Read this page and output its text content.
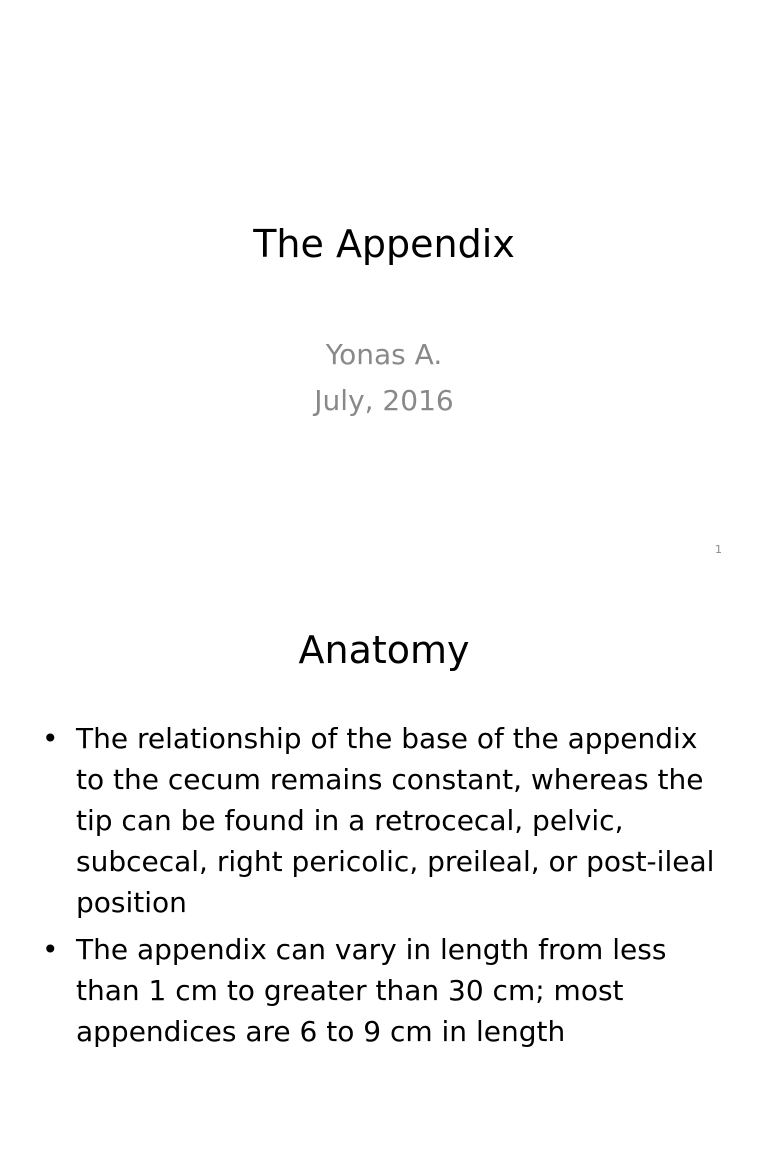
The Appendix
Yonas A.
July, 2016
1
Anatomy
• The relationship of the base of the appendix to the cecum remains constant, whereas the tip can be found in a retrocecal, pelvic, subcecal, right pericolic, preileal, or post-ileal position
• The appendix can vary in length from less than 1 cm to greater than 30 cm; most appendices are 6 to 9 cm in length
